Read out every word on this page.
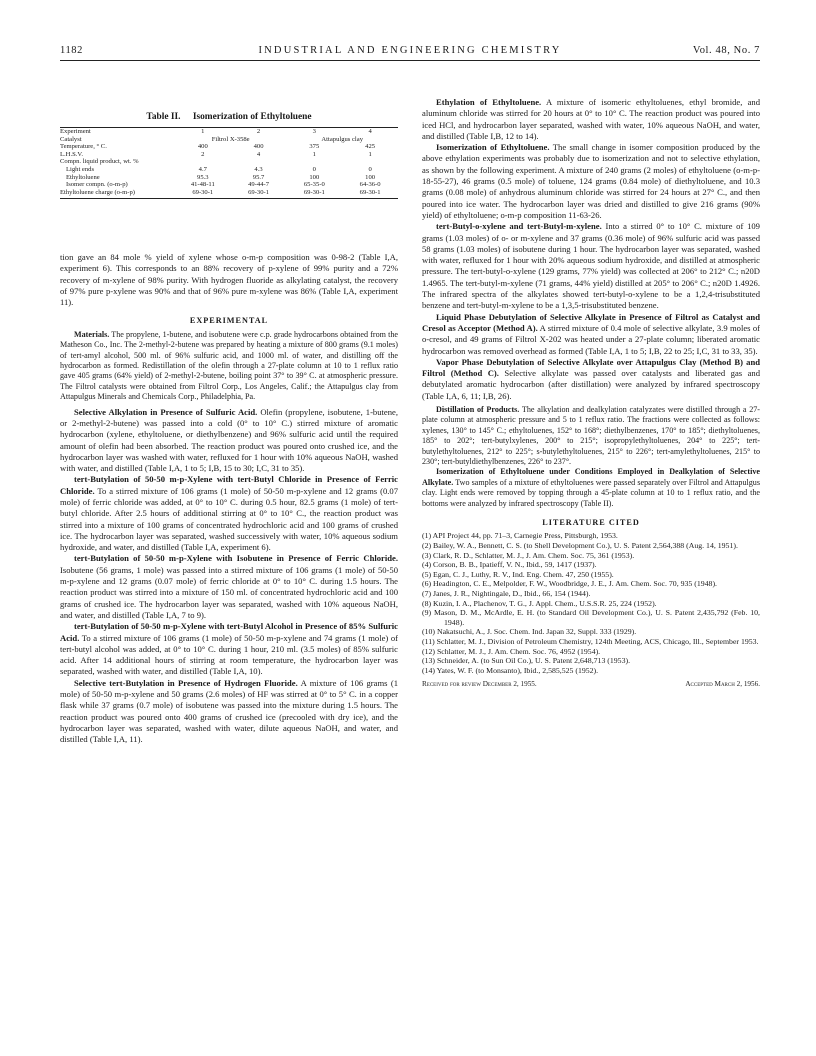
1182	INDUSTRIAL AND ENGINEERING CHEMISTRY	Vol. 48, No. 7
Table II. Isomerization of Ethyltoluene
Experiment	1	2	3	4
Catalyst	Filtrol X-358e		Attapulgus clay	
Temperature, ° C.	400	400	375	425
L.H.S.V.	2	4	1	1
Compn. liquid product, wt. %				
Light ends	4.7	4.3	0	0
Ethyltoluene	95.3	95.7	100	100
Isomer compn. (o-m-p)	41-48-11	49-44-7	65-35-0	64-36-0
Ethyltoluene charge (o-m-p)	69-30-1	69-30-1	69-30-1	69-30-1

tion gave an 84 mole % yield of xylene whose o-m-p composition was 0-98-2 (Table I,A, experiment 6). This corresponds to an 88% recovery of p-xylene of 99% purity and a 72% recovery of m-xylene of 98% purity. With hydrogen fluoride as alkylating catalyst, the recovery of 97% pure p-xylene was 90% and that of 96% pure m-xylene was 86% (Table I,A, experiment 11).

EXPERIMENTAL

Materials. The propylene, 1-butene, and isobutene were c.p. grade hydrocarbons obtained from the Matheson Co., Inc. The 2-methyl-2-butene was prepared by heating a mixture of 800 grams (9.1 moles) of tert-amyl alcohol, 500 ml. of 96% sulfuric acid, and 1000 ml. of water, and distilling off the hydrocarbon as formed. Redistillation of the olefin through a 27-plate column at 10 to 1 reflux ratio gave 405 grams (64% yield) of 2-methyl-2-butene, boiling point 37° to 39° C. at atmospheric pressure. The Filtrol catalysts were obtained from Filtrol Corp., Los Angeles, Calif.; the Attapulgus clay from Attapulgus Minerals and Chemicals Corp., Philadelphia, Pa.

Selective Alkylation in Presence of Sulfuric Acid. Olefin (propylene, isobutene, 1-butene, or 2-methyl-2-butene) was passed into a cold (0° to 10° C.) stirred mixture of aromatic hydrocarbon (xylene, ethyltoluene, or diethylbenzene) and 96% sulfuric acid until the required amount of olefin had been absorbed. The reaction product was poured onto crushed ice, and the hydrocarbon layer was washed with water, refluxed for 1 hour with 10% aqueous NaOH, washed with water, and distilled (Table I,A, 1 to 5; I,B, 15 to 30; I,C, 31 to 35).

tert-Butylation of 50-50 m-p-Xylene with tert-Butyl Chloride in Presence of Ferric Chloride. To a stirred mixture of 106 grams (1 mole) of 50-50 m-p-xylene and 12 grams (0.07 mole) of ferric chloride was added, at 0° to 10° C. during 0.5 hour, 82.5 grams (1 mole) of tert-butyl chloride. After 2.5 hours of additional stirring at 0° to 10° C., the reaction product was stirred into a mixture of 100 grams of concentrated hydrochloric acid and 100 grams of crushed ice. The hydrocarbon layer was separated, washed successively with water, 10% aqueous sodium hydroxide, and water, and distilled (Table I,A, experiment 6).

tert-Butylation of 50-50 m-p-Xylene with Isobutene in Presence of Ferric Chloride. Isobutene (56 grams, 1 mole) was passed into a stirred mixture of 106 grams (1 mole) of 50-50 m-p-xylene and 12 grams (0.07 mole) of ferric chloride at 0° to 10° C. during 1.5 hours. The reaction product was stirred into a mixture of 150 ml. of concentrated hydrochloric acid and 100 grams of crushed ice. The hydrocarbon layer was separated, washed with 10% aqueous NaOH, and water, and distilled (Table I,A, 7 to 9).

tert-Butylation of 50-50 m-p-Xylene with tert-Butyl Alcohol in Presence of 85% Sulfuric Acid. To a stirred mixture of 106 grams (1 mole) of 50-50 m-p-xylene and 74 grams (1 mole) of tert-butyl alcohol was added, at 0° to 10° C. during 1 hour, 210 ml. (3.5 moles) of 85% sulfuric acid. After 14 additional hours of stirring at room temperature, the hydrocarbon layer was separated, washed with water, and distilled (Table I,A, 10).

Selective tert-Butylation in Presence of Hydrogen Fluoride. A mixture of 106 grams (1 mole) of 50-50 m-p-xylene and 50 grams (2.6 moles) of HF was stirred at 0° to 5° C. in a copper flask while 37 grams (0.7 mole) of isobutene was passed into the mixture during 1.5 hours. The reaction product was poured onto 400 grams of crushed ice (precooled with dry ice), and the hydrocarbon layer was separated, washed with water, dilute aqueous NaOH, and water, and distilled (Table I,A, 11).

Ethylation of Ethyltoluene. A mixture of isomeric ethyltoluenes, ethyl bromide, and aluminum chloride was stirred for 20 hours at 0° to 10° C. The reaction product was poured into iced HCl, and hydrocarbon layer separated, washed with water, 10% aqueous NaOH, and water, and distilled (Table I,B, 12 to 14).

Isomerization of Ethyltoluene. The small change in isomer composition produced by the above ethylation experiments was probably due to isomerization and not to selective ethylation, as shown by the following experiment. A mixture of 240 grams (2 moles) of ethyltoluene (o-m-p-18-55-27), 46 grams (0.5 mole) of toluene, 124 grams (0.84 mole) of diethyltoluene, and 10.3 grams (0.08 mole) of anhydrous aluminum chloride was stirred for 24 hours at 27° C., and then poured into ice water. The hydrocarbon layer was dried and distilled to give 216 grams (90% yield) of ethyltoluene; o-m-p composition 11-63-26.

tert-Butyl-o-xylene and tert-Butyl-m-xylene. Into a stirred 0° to 10° C. mixture of 109 grams (1.03 moles) of o- or m-xylene and 37 grams (0.36 mole) of 96% sulfuric acid was passed 58 grams (1.03 moles) of isobutene during 1 hour. The hydrocarbon layer was separated, washed with water, refluxed for 1 hour with 20% aqueous sodium hydroxide, and distilled at atmospheric pressure. The tert-butyl-o-xylene (129 grams, 77% yield) was collected at 206° to 212° C.; n20D 1.4965. The tert-butyl-m-xylene (71 grams, 44% yield) distilled at 205° to 206° C.; n20D 1.4926. The infrared spectra of the alkylates showed tert-butyl-o-xylene to be a 1,2,4-trisubstituted benzene and tert-butyl-m-xylene to be a 1,3,5-trisubstituted benzene.

Liquid Phase Debutylation of Selective Alkylate in Presence of Filtrol as Catalyst and Cresol as Acceptor (Method A). A stirred mixture of 0.4 mole of selective alkylate, 3.9 moles of o-cresol, and 49 grams of Filtrol X-202 was heated under a 27-plate column; liberated aromatic hydrocarbon was removed overhead as formed (Table I,A, 1 to 5; I,B, 22 to 25; I,C, 31 to 33, 35).

Vapor Phase Debutylation of Selective Alkylate over Attapulgus Clay (Method B) and Filtrol (Method C). Selective alkylate was passed over catalysts and liberated gas and debutylated aromatic hydrocarbon (after distillation) were analyzed by infrared spectroscopy (Table I,A, 6, 11; I,B, 26).

Distillation of Products. The alkylation and dealkylation catalyzates were distilled through a 27-plate column at atmospheric pressure and 5 to 1 reflux ratio. The fractions were collected as follows: xylenes, 130° to 145° C.; ethyltoluenes, 152° to 168°; diethylbenzenes, 170° to 185°; diethyltoluenes, 185° to 202°; tert-butylxylenes, 200° to 215°; isopropylethyltoluenes, 204° to 225°; tert-butylethyltoluenes, 212° to 225°; s-butylethyltoluenes, 215° to 226°; tert-amylethyltoluenes, 215° to 230°; tert-butyldiethylbenzenes, 226° to 237°.

Isomerization of Ethyltoluene under Conditions Employed in Dealkylation of Selective Alkylate. Two samples of a mixture of ethyltoluenes were passed separately over Filtrol and Attapulgus clay. Light ends were removed by topping through a 45-plate column at 10 to 1 reflux ratio, and the bottoms were analyzed by infrared spectroscopy (Table II).

LITERATURE CITED
(1) API Project 44, pp. 71–3, Carnegie Press, Pittsburgh, 1953.
(2) Bailey, W. A., Bennett, C. S. (to Shell Development Co.), U. S. Patent 2,564,388 (Aug. 14, 1951).
(3) Clark, R. D., Schlatter, M. J., J. Am. Chem. Soc. 75, 361 (1953).
(4) Corson, B. B., Ipatieff, V. N., Ibid., 59, 1417 (1937).
(5) Egan, C. J., Luthy, R. V., Ind. Eng. Chem. 47, 250 (1955).
(6) Headington, C. E., Melpolder, F. W., Woodbridge, J. E., J. Am. Chem. Soc. 70, 935 (1948).
(7) Janes, J. R., Nightingale, D., Ibid., 66, 154 (1944).
(8) Kuzin, I. A., Plachenov, T. G., J. Appl. Chem., U.S.S.R. 25, 224 (1952).
(9) Mason, D. M., McArdle, E. H. (to Standard Oil Development Co.), U. S. Patent 2,435,792 (Feb. 10, 1948).
(10) Nakatsuchi, A., J. Soc. Chem. Ind. Japan 32, Suppl. 333 (1929).
(11) Schlatter, M. J., Division of Petroleum Chemistry, 124th Meeting, ACS, Chicago, Ill., September 1953.
(12) Schlatter, M. J., J. Am. Chem. Soc. 76, 4952 (1954).
(13) Schneider, A. (to Sun Oil Co.), U. S. Patent 2,648,713 (1953).
(14) Yates, W. F. (to Monsanto), Ibid., 2,585,525 (1952).
Received for review December 2, 1955.	Accepted March 2, 1956.
